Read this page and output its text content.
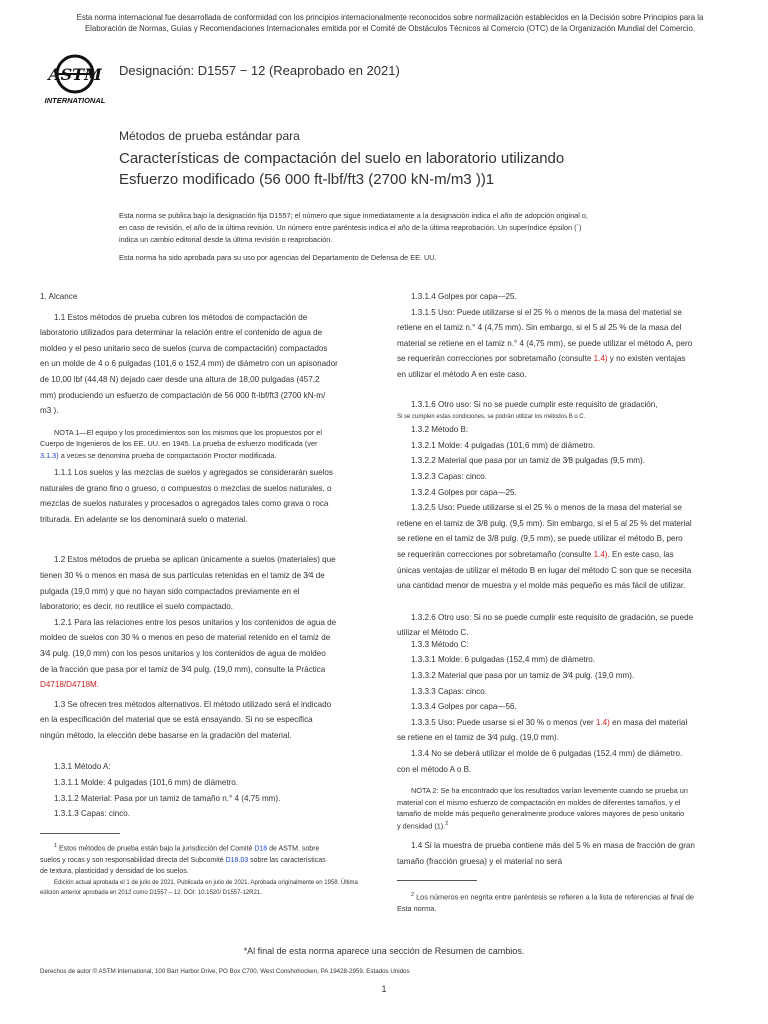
Esta norma internacional fue desarrollada de conformidad con los principios internacionalmente reconocidos sobre normalización establecidos en la Decisión sobre Principios para la
Elaboración de Normas, Guías y Recomendaciones Internacionales emitida por el Comité de Obstáculos Técnicos al Comercio (OTC) de la Organización Mundial del Comercio.
ASTM
INTERNATIONAL
Designación: D1557 − 12 (Reaprobado en 2021)
Métodos de prueba estándar para
Características de compactación del suelo en laboratorio utilizando
Esfuerzo modificado (56 000 ft-lbf/ft3 (2700 kN-m/m3 ))1
Esta norma se publica bajo la designación fija D1557; el número que sigue inmediatamente a la designación indica el año de adopción original o,
en caso de revisión, el año de la última revisión. Un número entre paréntesis indica el año de la última reaprobación. Un superíndice épsilon (´)
indica un cambio editorial desde la última revisión o reaprobación.
Esta norma ha sido aprobada para su uso por agencias del Departamento de Defensa de EE. UU.

1. Alcance

1.1 Estos métodos de prueba cubren los métodos de compactación de

laboratorio utilizados para determinar la relación entre el contenido de agua de

moldeo y el peso unitario seco de suelos (curva de compactación) compactados

en un molde de 4 o 6 pulgadas (101,6 o 152,4 mm) de diámetro con un apisonador

de 10,00 lbf (44,48 N) dejado caer desde una altura de 18,00 pulgadas (457,2

mm) produciendo un esfuerzo de compactación de 56 000 ft-lbf/ft3 (2700 kN-m/

m3 ).

NOTA 1—El equipo y los procedimientos son los mismos que los propuestos por el

Cuerpo de Ingenieros de los EE. UU. en 1945. La prueba de esfuerzo modificada (ver

3.1.3) a veces se denomina prueba de compactación Proctor modificada.

1.1.1 Los suelos y las mezclas de suelos y agregados se considerarán suelos

naturales de grano fino o grueso, o compuestos o mezclas de suelos naturales, o

mezclas de suelos naturales y procesados o agregados tales como grava o roca

triturada. En adelante se los denominará suelo o material.

1.2 Estos métodos de prueba se aplican únicamente a suelos (materiales) que

tienen 30 % o menos en masa de sus partículas retenidas en el tamiz de 3⁄4 de

pulgada (19,0 mm) y que no hayan sido compactados previamente en el

laboratorio; es decir, no reutilice el suelo compactado.

1.2.1 Para las relaciones entre los pesos unitarios y los contenidos de agua de

moldeo de suelos con 30 % o menos en peso de material retenido en el tamiz de

3⁄4 pulg. (19,0 mm) con los pesos unitarios y los contenidos de agua de moldeo

de la fracción que pasa por el tamiz de 3⁄4 pulg. (19,0 mm), consulte la Práctica

D4718/D4718M.

1.3 Se ofrecen tres métodos alternativos. El método utilizado será el indicado

en la especificación del material que se está ensayando. Si no se especifica

ningún método, la elección debe basarse en la gradación del material.

1.3.1 Método A:

1.3.1.1 Molde: 4 pulgadas (101,6 mm) de diámetro.

1.3.1.2 Material: Pasa por un tamiz de tamaño n.° 4 (4,75 mm).

1.3.1.3 Capas: cinco.

$^1$ Estos métodos de prueba están bajo la jurisdicción del Comité D18 de ASTM. sobre
suelos y rocas y son responsabilidad directa del Subcomité D18.03 sobre las características
de textura, plasticidad y densidad de los suelos.
Edición actual aprobada el 1 de julio de 2021. Publicada en julio de 2021. Aprobada originalmente en 1958. Última
edición anterior aprobada en 2012 como D1557 – 12. DOI: 10.1520/ D1557-12R21.

1.3.1.4 Golpes por capa—25.

1.3.1.5 Uso: Puede utilizarse si el 25 % o menos de la masa del material se

retiene en el tamiz n.° 4 (4,75 mm). Sin embargo, si el 5 al 25 % de la masa del

material se retiene en el tamiz n.° 4 (4,75 mm), se puede utilizar el método A, pero

se requerirán correcciones por sobretamaño (consulte 1.4) y no existen ventajas

en utilizar el método A en este caso.

1.3.1.6 Otro uso: Si no se puede cumplir este requisito de gradación,

Si se cumplen estas condiciones, se podrán utilizar los métodos B o C.

1.3.2 Método B:

1.3.2.1 Molde: 4 pulgadas (101,6 mm) de diámetro.

1.3.2.2 Material que pasa por un tamiz de 3⁄8 pulgadas (9,5 mm).

1.3.2.3 Capas: cinco.

1.3.2.4 Golpes por capa—25.

1.3.2.5 Uso: Puede utilizarse si el 25 % o menos de la masa del material se

retiene en el tamiz de 3/8 pulg. (9,5 mm). Sin embargo, si el 5 al 25 % del material

se retiene en el tamiz de 3/8 pulg. (9,5 mm), se puede utilizar el método B, pero

se requerirán correcciones por sobretamaño (consulte 1.4). En este caso, las

únicas ventajas de utilizar el método B en lugar del método C son que se necesita

una cantidad menor de muestra y el molde más pequeño es más fácil de utilizar.

1.3.2.6 Otro uso: Si no se puede cumplir este requisito de gradación, se puede

utilizar el Método C.

1.3.3 Método C:

1.3.3.1 Molde: 6 pulgadas (152,4 mm) de diámetro.

1.3.3.2 Material que pasa por un tamiz de 3⁄4 pulg. (19,0 mm).

1.3.3.3 Capas: cinco.

1.3.3.4 Golpes por capa—56.

1.3.3.5 Uso: Puede usarse si el 30 % o menos (ver 1.4) en masa del material

se retiene en el tamiz de 3⁄4 pulg. (19,0 mm).

1.3.4 No se deberá utilizar el molde de 6 pulgadas (152,4 mm) de diámetro.

con el método A o B.

NOTA 2: Se ha encontrado que los resultados varían levemente cuando se prueba un

material con el mismo esfuerzo de compactación en moldes de diferentes tamaños, y el

tamaño de molde más pequeño generalmente produce valores mayores de peso unitario

y densidad (1).$^2$

1.4 Si la muestra de prueba contiene más del 5 % en masa de fracción de gran

tamaño (fracción gruesa) y el material no será

$^2$ Los números en negrita entre paréntesis se refieren a la lista de referencias al final de
Esta norma.
*Al final de esta norma aparece una sección de Resumen de cambios.
Derechos de autor © ASTM International, 100 Barr Harbor Drive, PO Box C700, West Conshohocken, PA 19428-2959. Estados Unidos
1
